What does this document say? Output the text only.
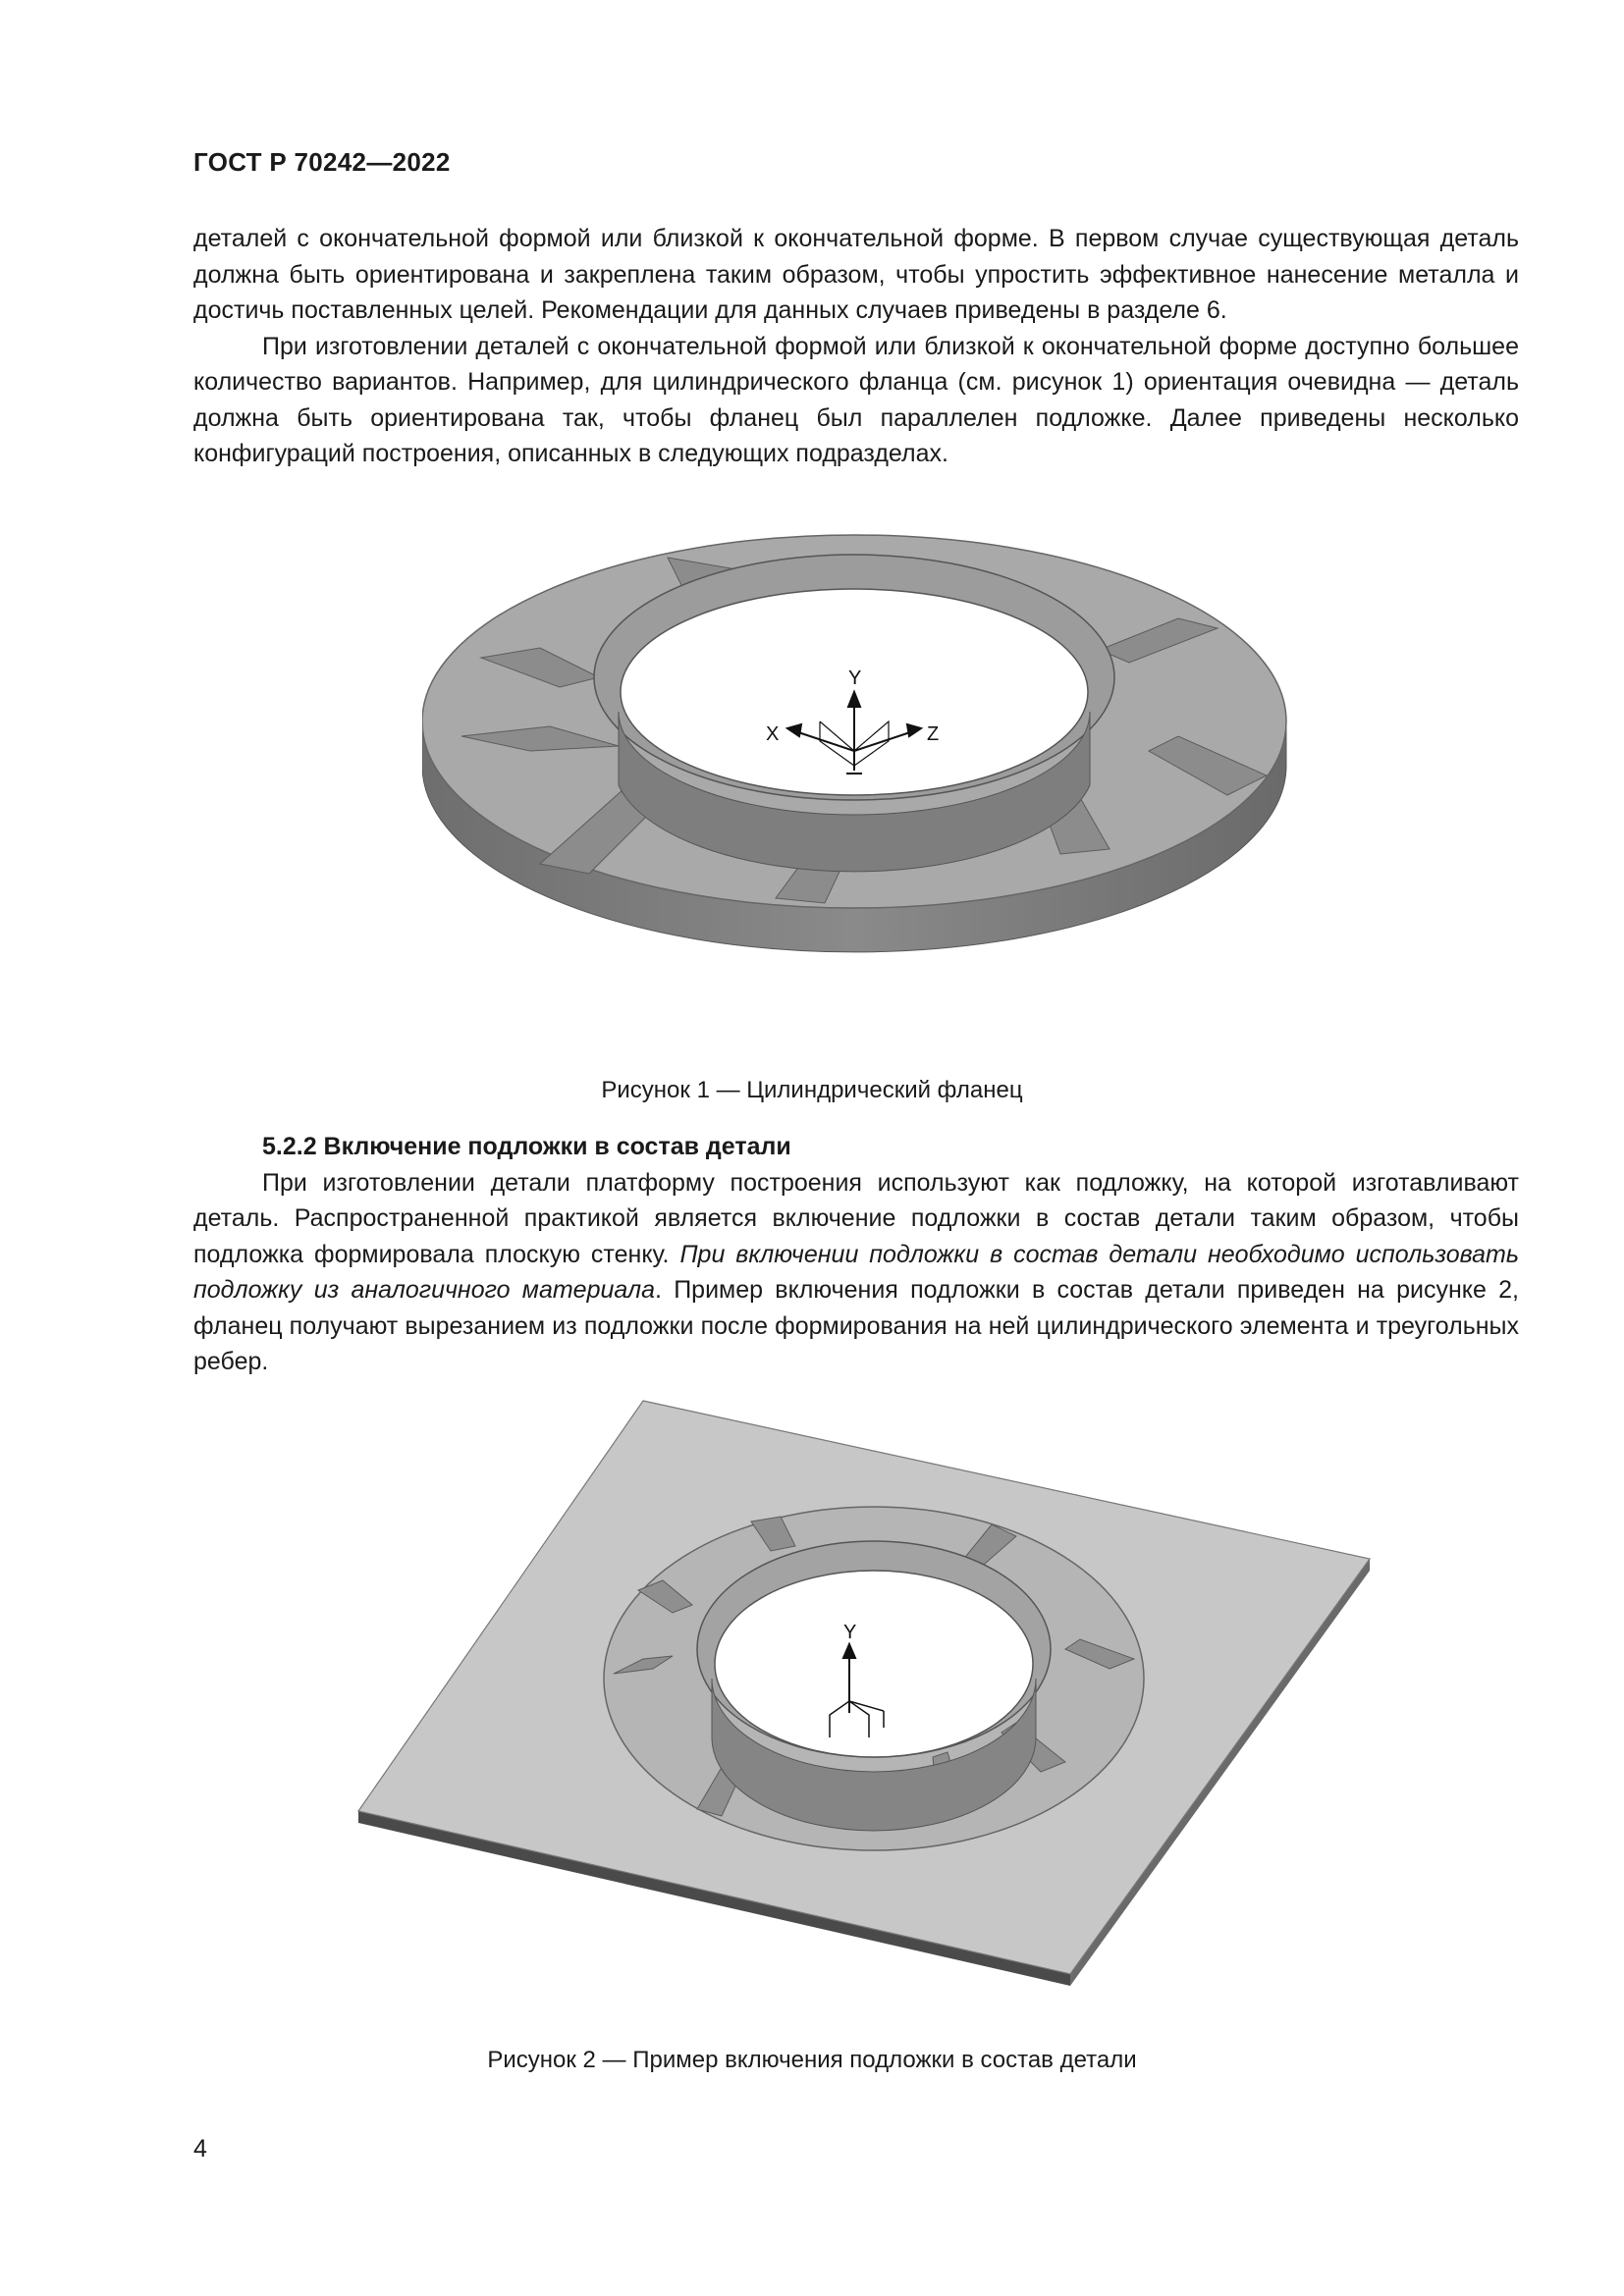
ГОСТ Р 70242—2022

деталей с окончательной формой или близкой к окончательной форме. В первом случае существующая деталь должна быть ориентирована и закреплена таким образом, чтобы упростить эффективное нанесение металла и достичь поставленных целей. Рекомендации для данных случаев приведены в разделе 6.

При изготовлении деталей с окончательной формой или близкой к окончательной форме доступно большее количество вариантов. Например, для цилиндрического фланца (см. рисунок 1) ориентация очевидна — деталь должна быть ориентирована так, чтобы фланец был параллелен подложке. Далее приведены несколько конфигураций построения, описанных в следующих подразделах.

Y
X	Z
Рисунок 1 — Цилиндрический фланец

5.2.2 Включение подложки в состав детали

При изготовлении детали платформу построения используют как подложку, на которой изготавливают деталь. Распространенной практикой является включение подложки в состав детали таким образом, чтобы подложка формировала плоскую стенку. При включении подложки в состав детали необходимо использовать подложку из аналогичного материала. Пример включения подложки в состав детали приведен на рисунке 2, фланец получают вырезанием из подложки после формирования на ней цилиндрического элемента и треугольных ребер.

Y
Рисунок 2 — Пример включения подложки в состав детали
4
